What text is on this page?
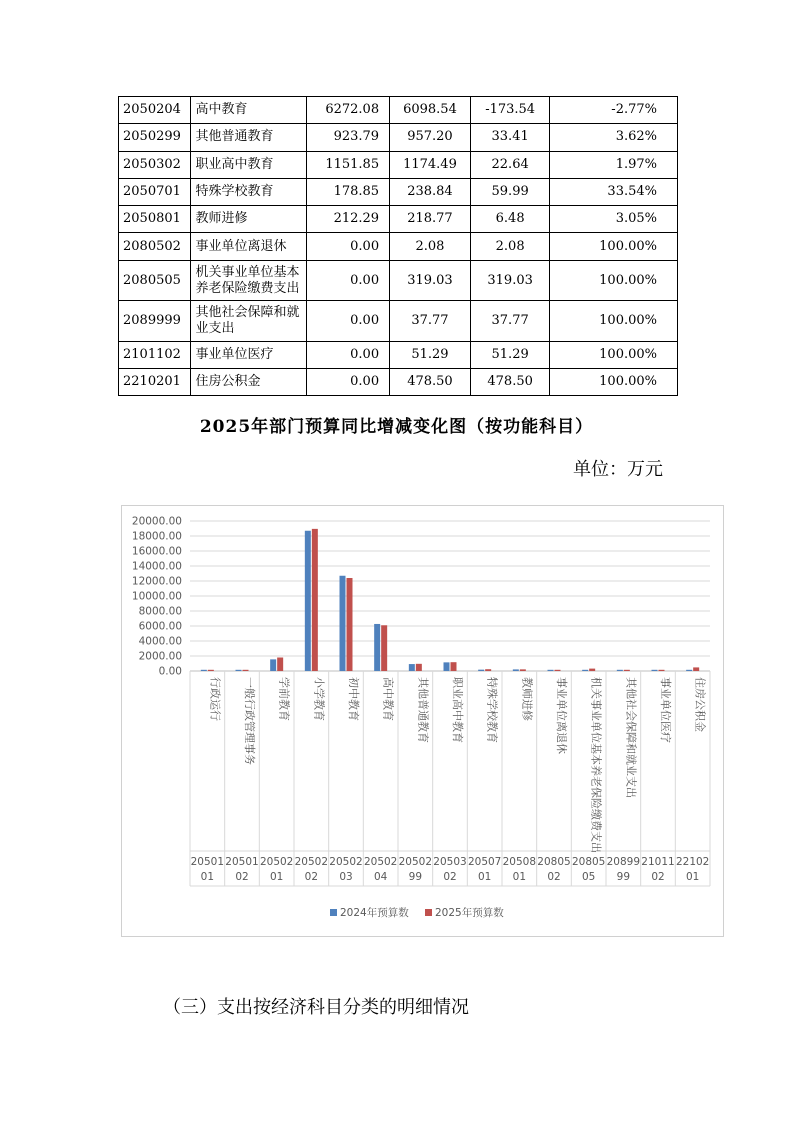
2050204	高中教育	6272.08	6098.54	-173.54	-2.77%
2050299	其他普通教育	923.79	957.20	33.41	3.62%
2050302	职业高中教育	1151.85	1174.49	22.64	1.97%
2050701	特殊学校教育	178.85	238.84	59.99	33.54%
2050801	教师进修	212.29	218.77	6.48	3.05%
2080502	事业单位离退休	0.00	2.08	2.08	100.00%
2080505	机关事业单位基本养老保险缴费支出	0.00	319.03	319.03	100.00%
2089999	其他社会保障和就业支出	0.00	37.77	37.77	100.00%
2101102	事业单位医疗	0.00	51.29	51.29	100.00%
2210201	住房公积金	0.00	478.50	478.50	100.00%
2025年部门预算同比增减变化图（按功能科目）
单位：万元
20000.00
18000.00
16000.00
14000.00
12000.00
10000.00
8000.00
6000.00
4000.00
2000.00
0.00
行政运行
20501
01
一般行政管理事务
20501
02
学前教育
20502
01
小学教育
20502
02
初中教育
20502
03
高中教育
20502
04
其他普通教育
20502
99
职业高中教育
20503
02
特殊学校教育
20507
01
教师进修
20508
01
事业单位离退休
20805
02
机关事业单位基本养老保险缴费支出
20805
05
其他社会保障和就业支出
20899
99
事业单位医疗
21011
02
住房公积金
22102
01
2024年预算数	2025年预算数
（三）支出按经济科目分类的明细情况
